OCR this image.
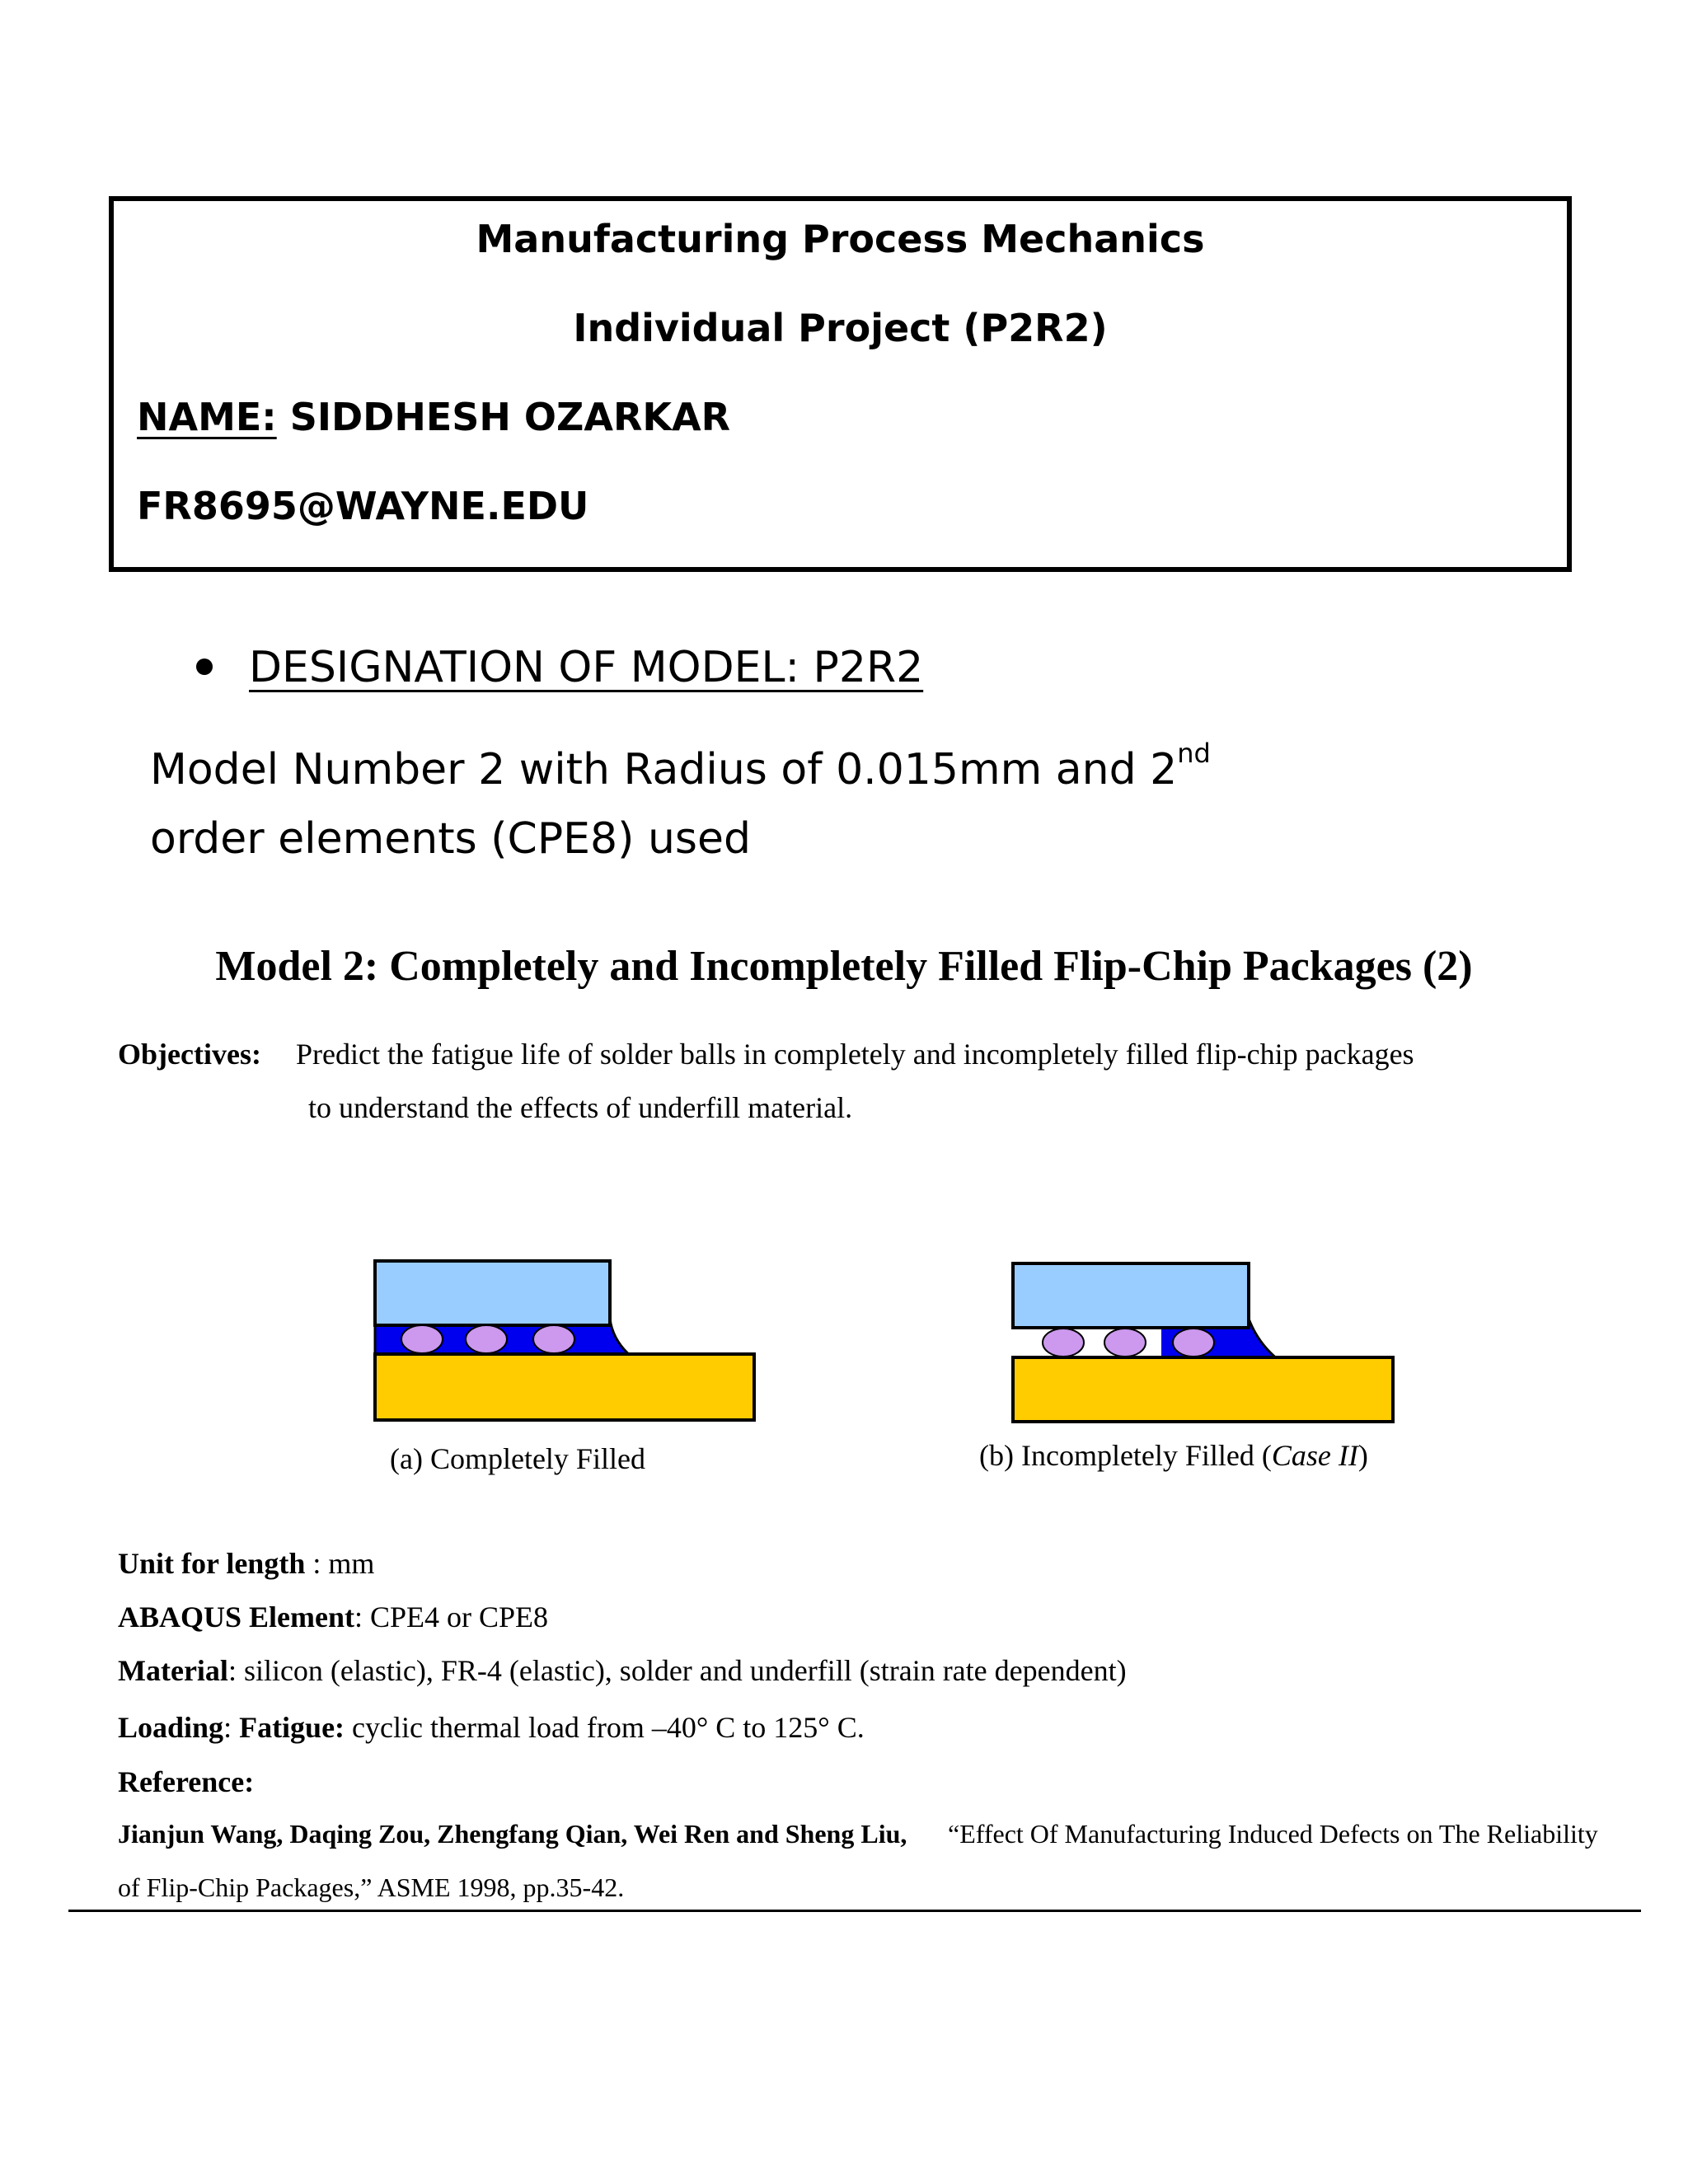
Manufacturing Process Mechanics
Individual Project (P2R2)
NAME: SIDDHESH OZARKAR
FR8695@WAYNE.EDU
DESIGNATION OF MODEL: P2R2
Model Number 2 with Radius of 0.015mm and 2nd
order elements (CPE8) used
Model 2: Completely and Incompletely Filled Flip-Chip Packages (2)
Objectives: Predict the fatigue life of solder balls in completely and incompletely filled flip-chip packages
to understand the effects of underfill material.
(a) Completely Filled	(b) Incompletely Filled (Case II)
Unit for length : mm
ABAQUS Element: CPE4 or CPE8
Material: silicon (elastic), FR-4 (elastic), solder and underfill (strain rate dependent)
Loading: Fatigue: cyclic thermal load from –40° C to 125° C.
Reference:
Jianjun Wang, Daqing Zou, Zhengfang Qian, Wei Ren and Sheng Liu, “Effect Of Manufacturing Induced Defects on The Reliability
of Flip-Chip Packages,” ASME 1998, pp.35-42.
